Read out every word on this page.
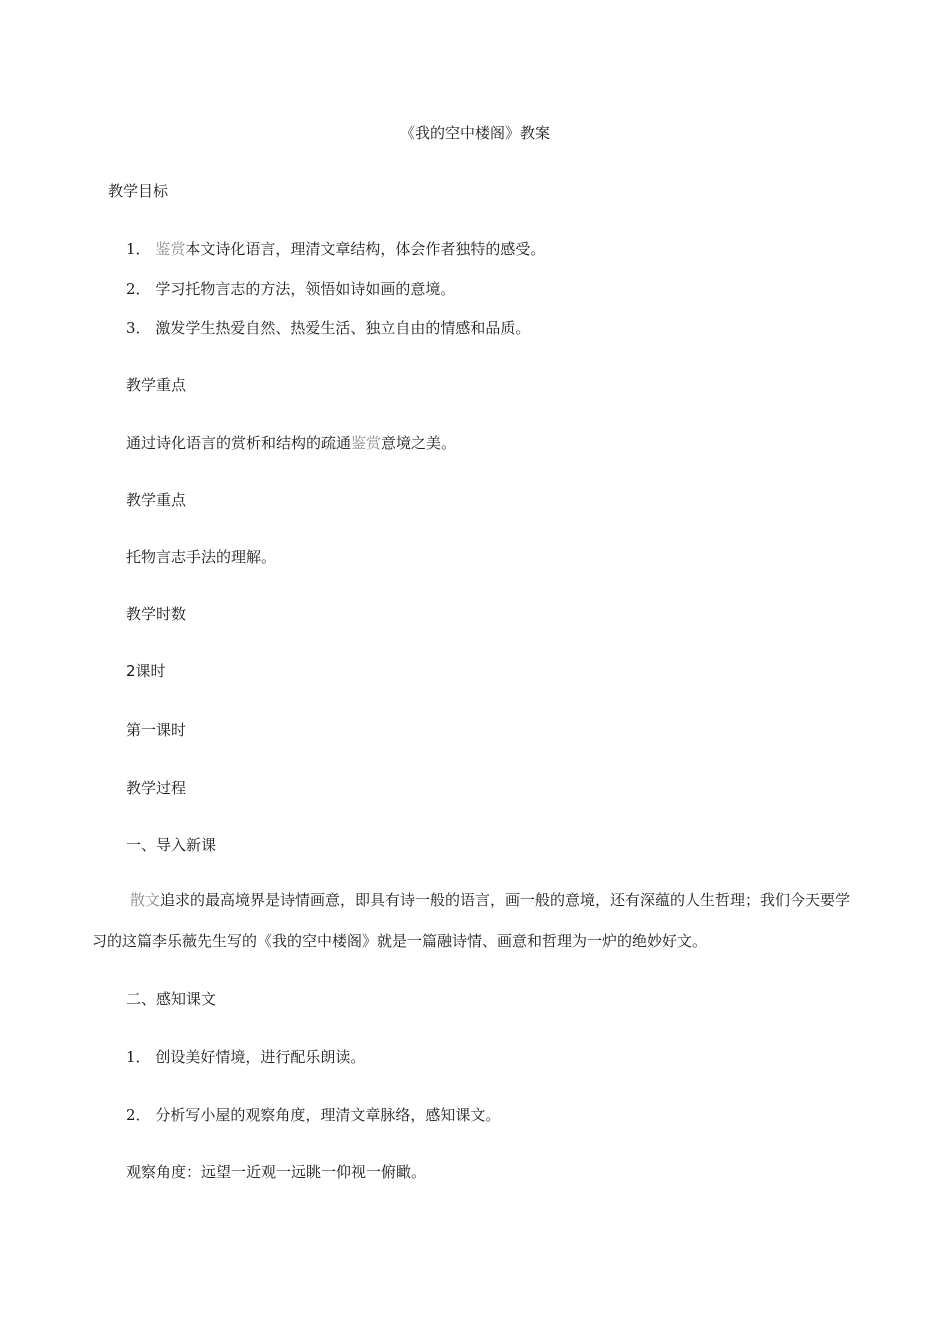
《我的空中楼阁》教案
教学目标
1． 鉴赏本文诗化语言，理清文章结构，体会作者独特的感受。
2． 学习托物言志的方法，领悟如诗如画的意境。
3． 激发学生热爱自然、热爱生活、独立自由的情感和品质。
教学重点
通过诗化语言的赏析和结构的疏通鉴赏意境之美。
教学重点
托物言志手法的理解。
教学时数
2课时
第一课时
教学过程
一、导入新课
散文追求的最高境界是诗情画意，即具有诗一般的语言，画一般的意境，还有深蕴的人生哲理；我们今天要学习的这篇李乐薇先生写的《我的空中楼阁》就是一篇融诗情、画意和哲理为一炉的绝妙好文。
二、感知课文
1． 创设美好情境，进行配乐朗读。
2． 分析写小屋的观察角度，理清文章脉络，感知课文。
观察角度：远望一近观一远眺一仰视一俯瞰。
